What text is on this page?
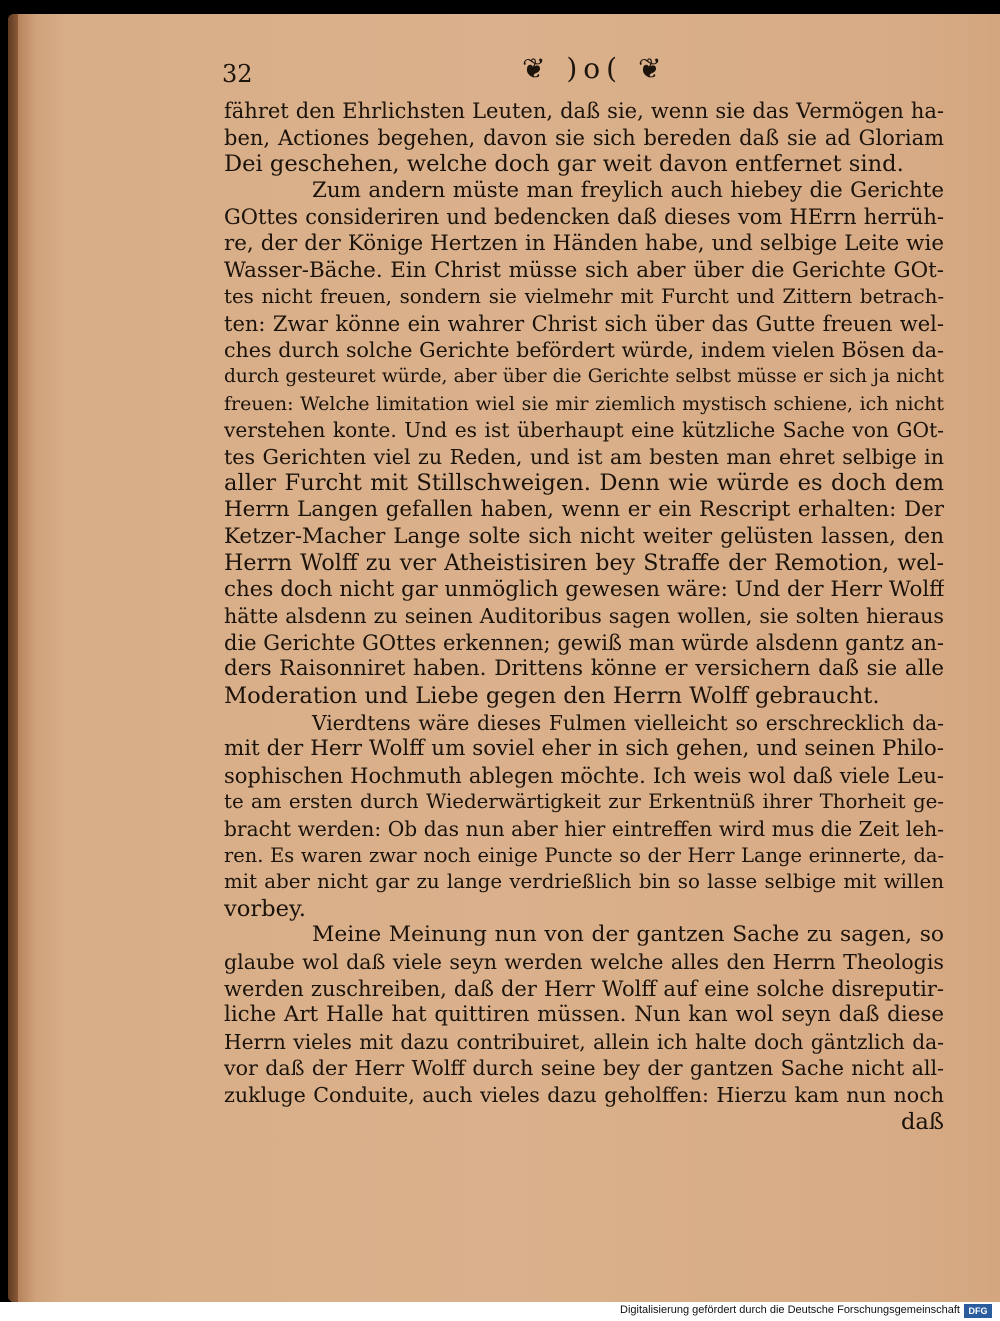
32	❦ )o( ❦
fähret den Ehrlichsten Leuten, daß sie, wenn sie das Vermögen ha-
ben, Actiones begehen, davon sie sich bereden daß sie ad Gloriam
Dei geschehen, welche doch gar weit davon entfernet sind.
Zum andern müste man freylich auch hiebey die Gerichte
GOttes consideriren und bedencken daß dieses vom HErrn herrüh-
re, der der Könige Hertzen in Händen habe, und selbige Leite wie
Wasser-Bäche. Ein Christ müsse sich aber über die Gerichte GOt-
tes nicht freuen, sondern sie vielmehr mit Furcht und Zittern betrach-
ten: Zwar könne ein wahrer Christ sich über das Gutte freuen wel-
ches durch solche Gerichte befördert würde, indem vielen Bösen da-
durch gesteuret würde, aber über die Gerichte selbst müsse er sich ja nicht
freuen: Welche limitation wiel sie mir ziemlich mystisch schiene, ich nicht
verstehen konte. Und es ist überhaupt eine kützliche Sache von GOt-
tes Gerichten viel zu Reden, und ist am besten man ehret selbige in
aller Furcht mit Stillschweigen. Denn wie würde es doch dem
Herrn Langen gefallen haben, wenn er ein Rescript erhalten: Der
Ketzer-Macher Lange solte sich nicht weiter gelüsten lassen, den
Herrn Wolff zu ver Atheistisiren bey Straffe der Remotion, wel-
ches doch nicht gar unmöglich gewesen wäre: Und der Herr Wolff
hätte alsdenn zu seinen Auditoribus sagen wollen, sie solten hieraus
die Gerichte GOttes erkennen; gewiß man würde alsdenn gantz an-
ders Raisonniret haben. Drittens könne er versichern daß sie alle
Moderation und Liebe gegen den Herrn Wolff gebraucht.
Vierdtens wäre dieses Fulmen vielleicht so erschrecklich da-
mit der Herr Wolff um soviel eher in sich gehen, und seinen Philo-
sophischen Hochmuth ablegen möchte. Ich weis wol daß viele Leu-
te am ersten durch Wiederwärtigkeit zur Erkentnüß ihrer Thorheit ge-
bracht werden: Ob das nun aber hier eintreffen wird mus die Zeit leh-
ren. Es waren zwar noch einige Puncte so der Herr Lange erinnerte, da-
mit aber nicht gar zu lange verdrießlich bin so lasse selbige mit willen
vorbey.
Meine Meinung nun von der gantzen Sache zu sagen, so
glaube wol daß viele seyn werden welche alles den Herrn Theologis
werden zuschreiben, daß der Herr Wolff auf eine solche disreputir-
liche Art Halle hat quittiren müssen. Nun kan wol seyn daß diese
Herrn vieles mit dazu contribuiret, allein ich halte doch gäntzlich da-
vor daß der Herr Wolff durch seine bey der gantzen Sache nicht all-
zukluge Conduite, auch vieles dazu geholffen: Hierzu kam nun noch
daß
Digitalisierung gefördert durch die Deutsche Forschungsgemeinschaft DFG
